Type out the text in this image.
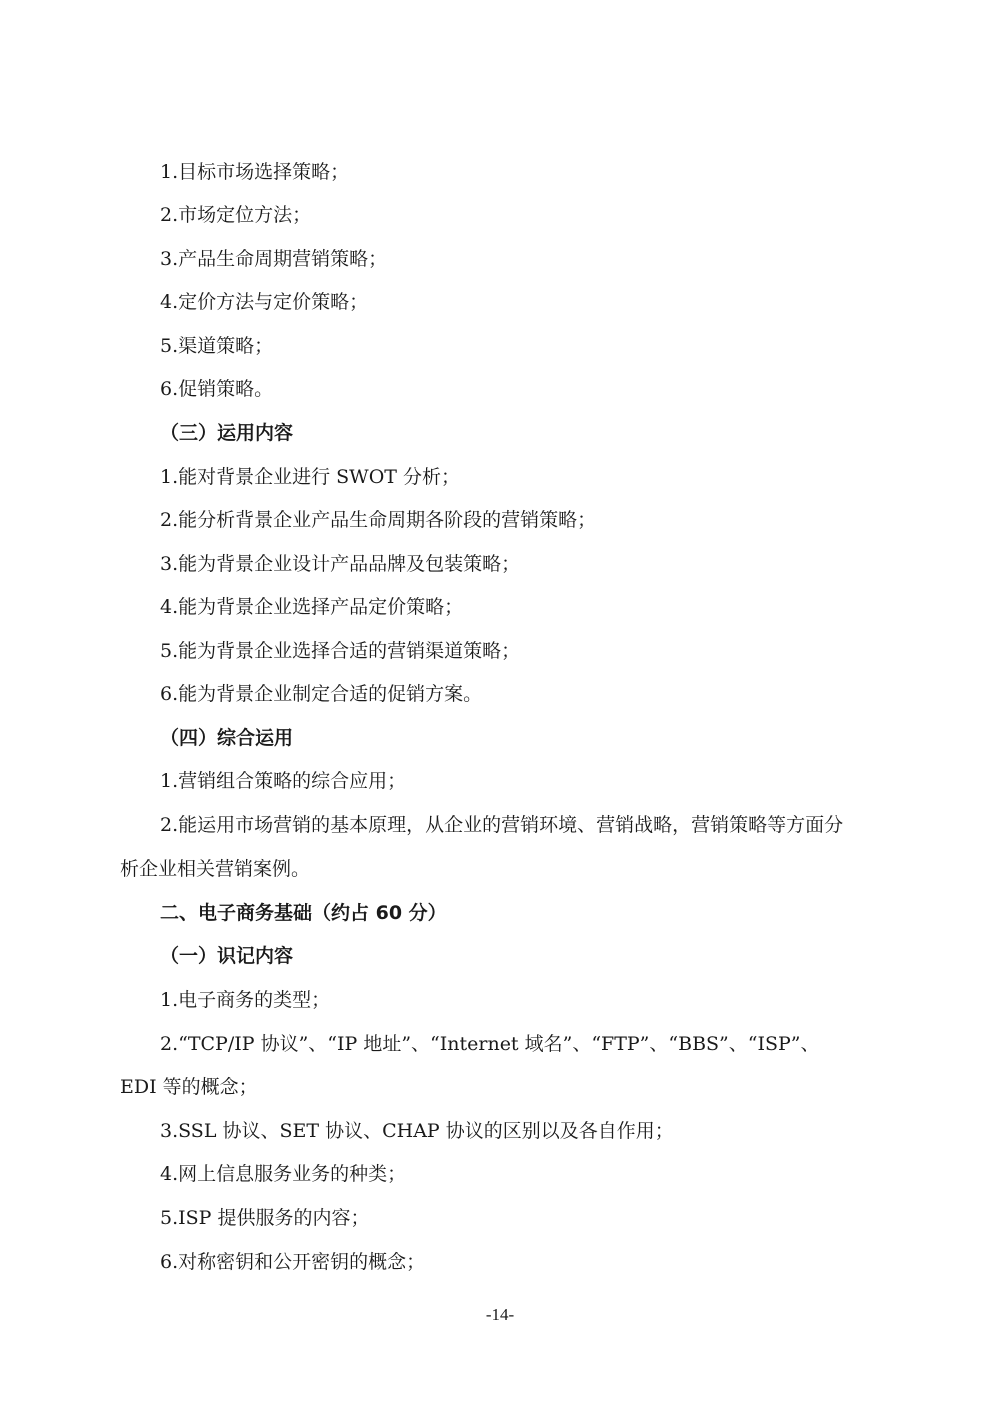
1.目标市场选择策略；
2.市场定位方法；
3.产品生命周期营销策略；
4.定价方法与定价策略；
5.渠道策略；
6.促销策略。
（三）运用内容
1.能对背景企业进行 SWOT 分析；
2.能分析背景企业产品生命周期各阶段的营销策略；
3.能为背景企业设计产品品牌及包装策略；
4.能为背景企业选择产品定价策略；
5.能为背景企业选择合适的营销渠道策略；
6.能为背景企业制定合适的促销方案。
（四）综合运用
1.营销组合策略的综合应用；
2.能运用市场营销的基本原理，从企业的营销环境、营销战略，营销策略等方面分
析企业相关营销案例。
二、电子商务基础（约占 60 分）
（一）识记内容
1.电子商务的类型；
2.“TCP/IP 协议”、“IP 地址”、“Internet 域名”、“FTP”、“BBS”、“ISP”、
EDI 等的概念；
3.SSL 协议、SET 协议、CHAP 协议的区别以及各自作用；
4.网上信息服务业务的种类；
5.ISP 提供服务的内容；
6.对称密钥和公开密钥的概念；
-14-
